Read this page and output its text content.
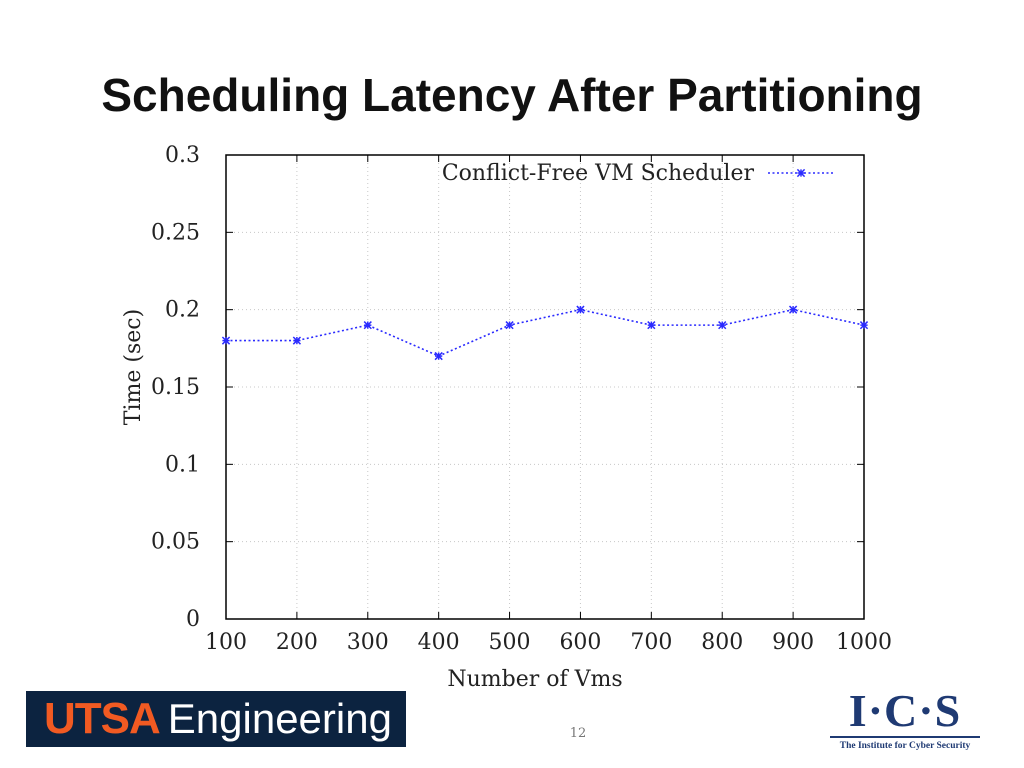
Scheduling Latency After Partitioning
100 200 300 400 500 600 700 800 900 1000
0
0.05
0.1
0.15
0.2
0.25
0.3
Number of Vms
Time (sec)
Conflict-Free VM Scheduler
UTSA Engineering	12	I·C·S
The Institute for Cyber Security
